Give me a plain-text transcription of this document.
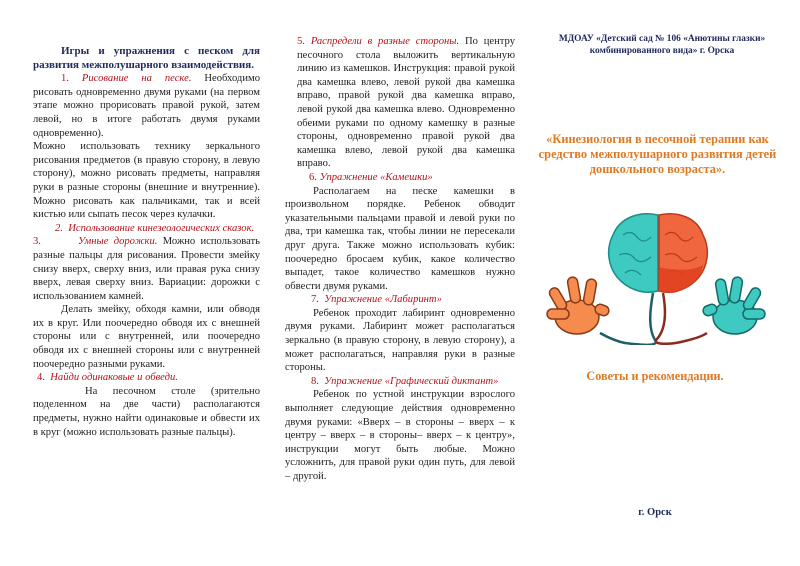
Игры и упражнения с песком для развития межполушарного взаимодействия.

1. Рисование на песке. Необходимо рисовать одновременно двумя руками (на первом этапе можно прорисовать правой рукой, затем левой, но в итоге работать двумя руками одновременно).

Можно использовать технику зеркального рисования предметов (в правую сторону, в левую сторону), можно рисовать предметы, направляя руки в разные стороны (внешние и внутренние). Можно рисовать как пальчиками, так и всей кистью или сыпать песок через кулачки.

2. Использование кинезеологических сказок.

3.	Умные дорожки. Можно использовать разные пальцы для рисования. Провести змейку снизу вверх, сверху вниз, или правая рука снизу вверх, левая сверху вниз. Вариации: дорожки с использованием камней.

Делать змейку, обходя камни, или обводя их в круг. Или поочередно обводя их с внешней стороны или с внутренней, или поочередно обводя их с внешней стороны или с внутренней поочередно разными руками.

4. Найди одинаковые и обведи.

На песочном столе (зрительно поделенном на две части) располагаются предметы, нужно найти одинаковые и обвести их в круг (можно использовать разные пальцы).

5. Распредели в разные стороны. По центру песочного стола выложить вертикальную линию из камешков. Инструкция: правой рукой два камешка влево, левой рукой два камешка вправо, правой рукой два камешка вправо, левой рукой два камешка влево. Одновременно обеими руками по одному камешку в разные стороны, одновременно правой рукой два камешка влево, левой рукой два камешка вправо.

6. Упражнение «Камешки»

Располагаем на песке камешки в произвольном порядке. Ребенок обводит указательными пальцами правой и левой руки по два, три камешка так, чтобы линии не пересекали друг друга. Также можно использовать кубик: поочередно бросаем кубик, какое количество выпадет, такое количество камешков нужно обвести двумя руками.

7. Упражнение «Лабиринт»

Ребенок проходит лабиринт одновременно двумя руками. Лабиринт может располагаться зеркально (в правую сторону, в левую сторону), а может располагаться, направляя руки в разные стороны.

8. Упражнение «Графический диктант»

Ребенок по устной инструкции взрослого выполняет следующие действия одновременно двумя руками: «Вверх – в стороны – вверх – к центру – вверх – в стороны– вверх – к центру», инструкции могут быть любые. Можно усложнить, для правой руки один путь, для левой – другой.

МДОАУ «Детский сад № 106 «Анютины глазки» комбинированного вида» г. Орска
«Кинезиология в песочной терапии как средство межполушарного развития детей дошкольного возраста».
Советы и рекомендации.
г. Орск
